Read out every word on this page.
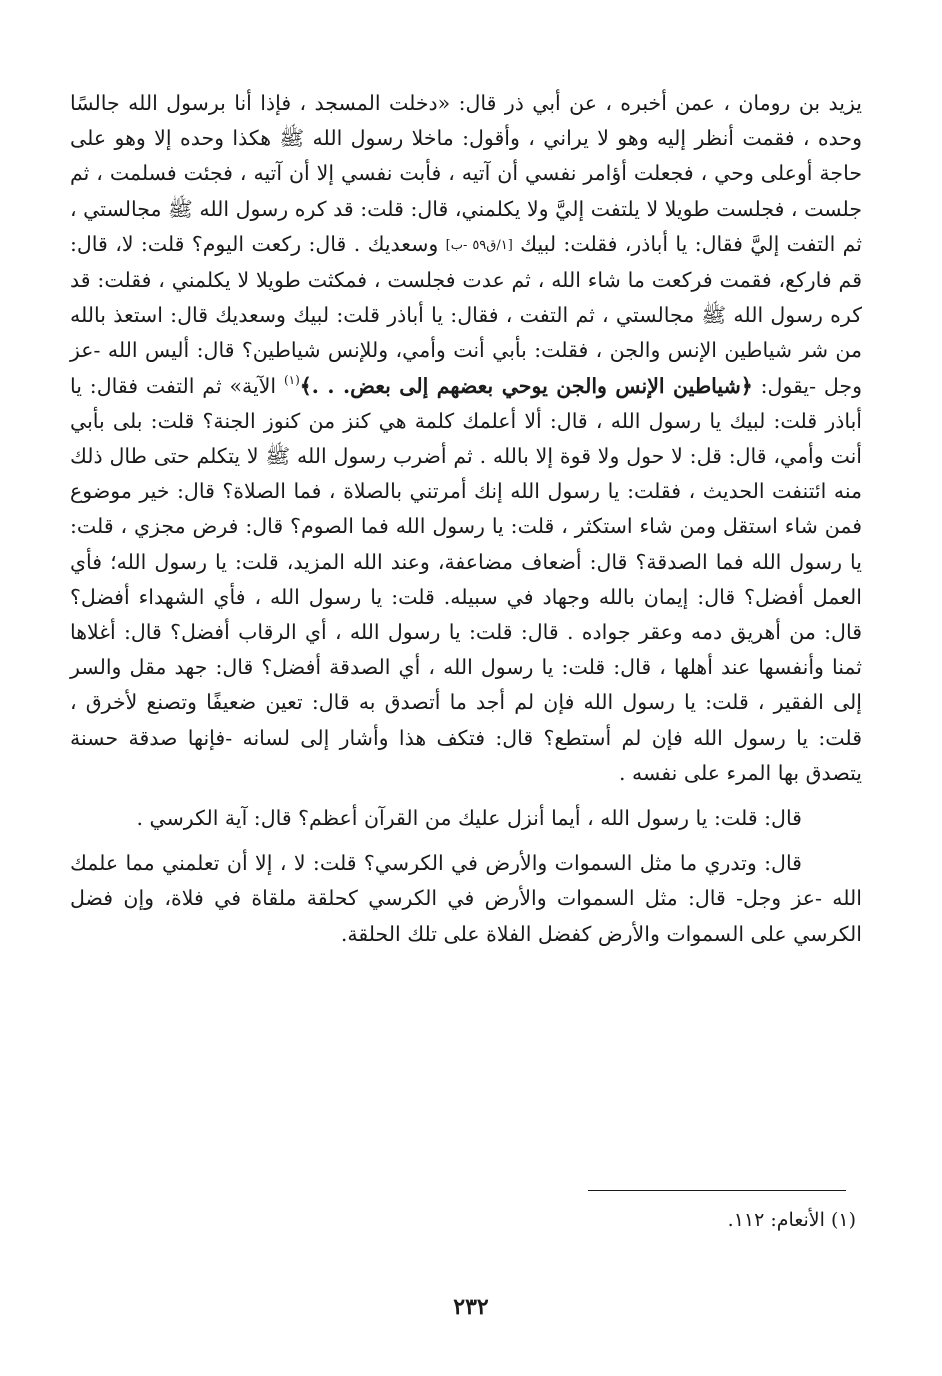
يزيد بن رومان ، عمن أخبره ، عن أبي ذر قال: «دخلت المسجد ، فإذا أنا برسول الله جالسًا وحده ، فقمت أنظر إليه وهو لا يراني ، وأقول: ماخلا رسول الله ﷺ هكذا وحده إلا وهو على حاجة أوعلى وحي ، فجعلت أؤامر نفسي أن آتيه ، فأبت نفسي إلا أن آتيه ، فجئت فسلمت ، ثم جلست ، فجلست طويلا لا يلتفت إليَّ ولا يكلمني، قال: قلت: قد كره رسول الله ﷺ مجالستي ، ثم التفت إليَّ فقال: يا أباذر، فقلت: لبيك [١/ق٥٩ -ب] وسعديك . قال: ركعت اليوم؟ قلت: لا، قال: قم فاركع، فقمت فركعت ما شاء الله ، ثم عدت فجلست ، فمكثت طويلا لا يكلمني ، فقلت: قد كره رسول الله ﷺ مجالستي ، ثم التفت ، فقال: يا أباذر قلت: لبيك وسعديك قال: استعذ بالله من شر شياطين الإنس والجن ، فقلت: بأبي أنت وأمي، وللإنس شياطين؟ قال: أليس الله -عز وجل -يقول: ﴿شياطين الإنس والجن يوحي بعضهم إلى بعض. . .﴾$^{(١)}$ الآية» ثم التفت فقال: يا أباذر قلت: لبيك يا رسول الله ، قال: ألا أعلمك كلمة هي كنز من كنوز الجنة؟ قلت: بلى بأبي أنت وأمي، قال: قل: لا حول ولا قوة إلا بالله . ثم أضرب رسول الله ﷺ لا يتكلم حتى طال ذلك منه ائتنفت الحديث ، فقلت: يا رسول الله إنك أمرتني بالصلاة ، فما الصلاة؟ قال: خير موضوع فمن شاء استقل ومن شاء استكثر ، قلت: يا رسول الله فما الصوم؟ قال: فرض مجزي ، قلت: يا رسول الله فما الصدقة؟ قال: أضعاف مضاعفة، وعند الله المزيد، قلت: يا رسول الله؛ فأي العمل أفضل؟ قال: إيمان بالله وجهاد في سبيله. قلت: يا رسول الله ، فأي الشهداء أفضل؟ قال: من أهريق دمه وعقر جواده . قال: قلت: يا رسول الله ، أي الرقاب أفضل؟ قال: أغلاها ثمنا وأنفسها عند أهلها ، قال: قلت: يا رسول الله ، أي الصدقة أفضل؟ قال: جهد مقل والسر إلى الفقير ، قلت: يا رسول الله فإن لم أجد ما أتصدق به قال: تعين ضعيفًا وتصنع لأخرق ، قلت: يا رسول الله فإن لم أستطع؟ قال: فتكف هذا وأشار إلى لسانه -فإنها صدقة حسنة يتصدق بها المرء على نفسه .

قال: قلت: يا رسول الله ، أيما أنزل عليك من القرآن أعظم؟ قال: آية الكرسي .

قال: وتدري ما مثل السموات والأرض في الكرسي؟ قلت: لا ، إلا أن تعلمني مما علمك الله -عز وجل- قال: مثل السموات والأرض في الكرسي كحلقة ملقاة في فلاة، وإن فضل الكرسي على السموات والأرض كفضل الفلاة على تلك الحلقة.

(١) الأنعام: ١١٢.
٢٣٢
